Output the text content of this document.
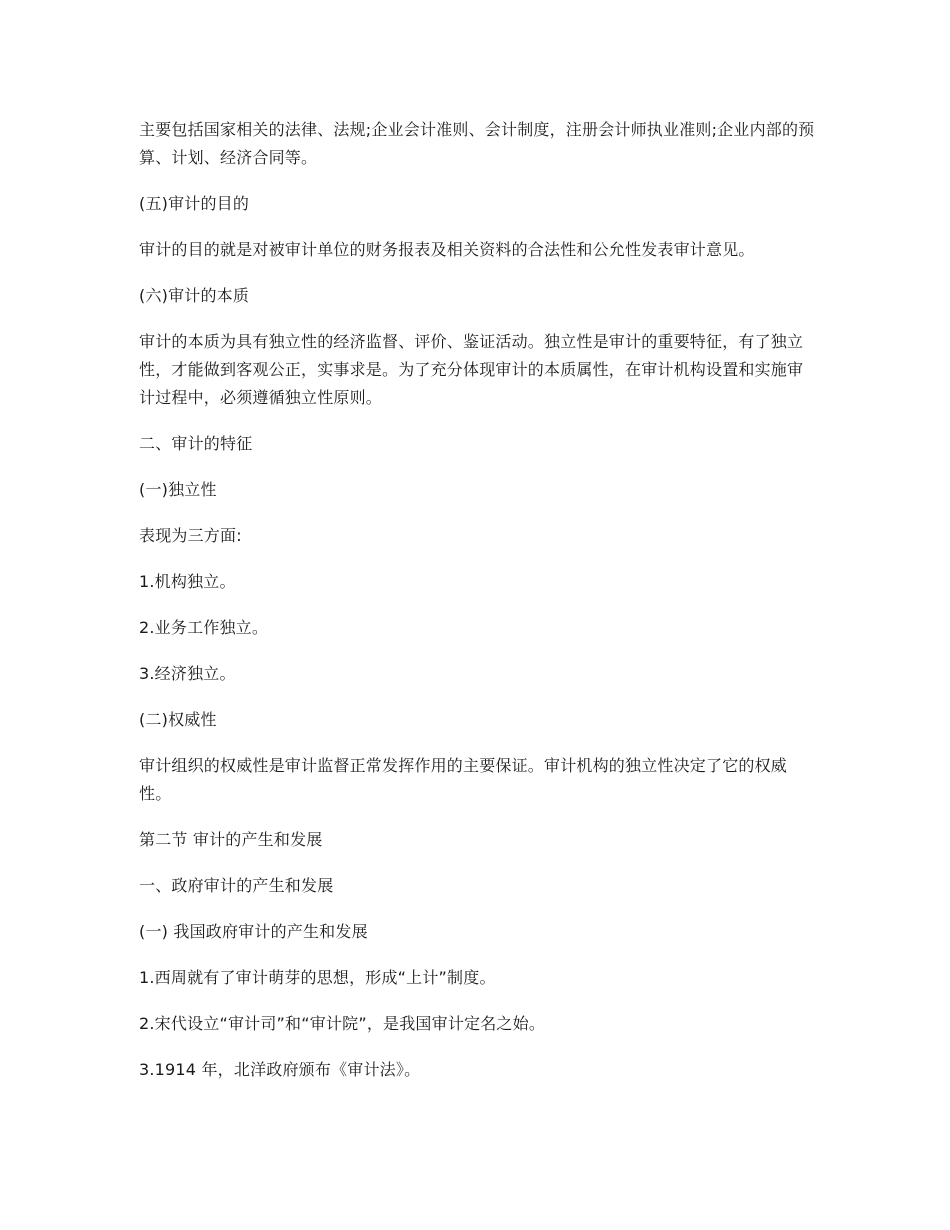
主要包括国家相关的法律、法规;企业会计准则、会计制度，注册会计师执业准则;企业内部的预算、计划、经济合同等。

(五)审计的目的

审计的目的就是对被审计单位的财务报表及相关资料的合法性和公允性发表审计意见。

(六)审计的本质

审计的本质为具有独立性的经济监督、评价、鉴证活动。独立性是审计的重要特征，有了独立性，才能做到客观公正，实事求是。为了充分体现审计的本质属性，在审计机构设置和实施审计过程中，必须遵循独立性原则。

二、审计的特征

(一)独立性

表现为三方面:

1.机构独立。

2.业务工作独立。

3.经济独立。

(二)权威性

审计组织的权威性是审计监督正常发挥作用的主要保证。审计机构的独立性决定了它的权威性。

第二节 审计的产生和发展

一、政府审计的产生和发展

(一) 我国政府审计的产生和发展

1.西周就有了审计萌芽的思想，形成“上计”制度。

2.宋代设立“审计司”和“审计院”，是我国审计定名之始。

3.1914 年，北洋政府颁布《审计法》。
